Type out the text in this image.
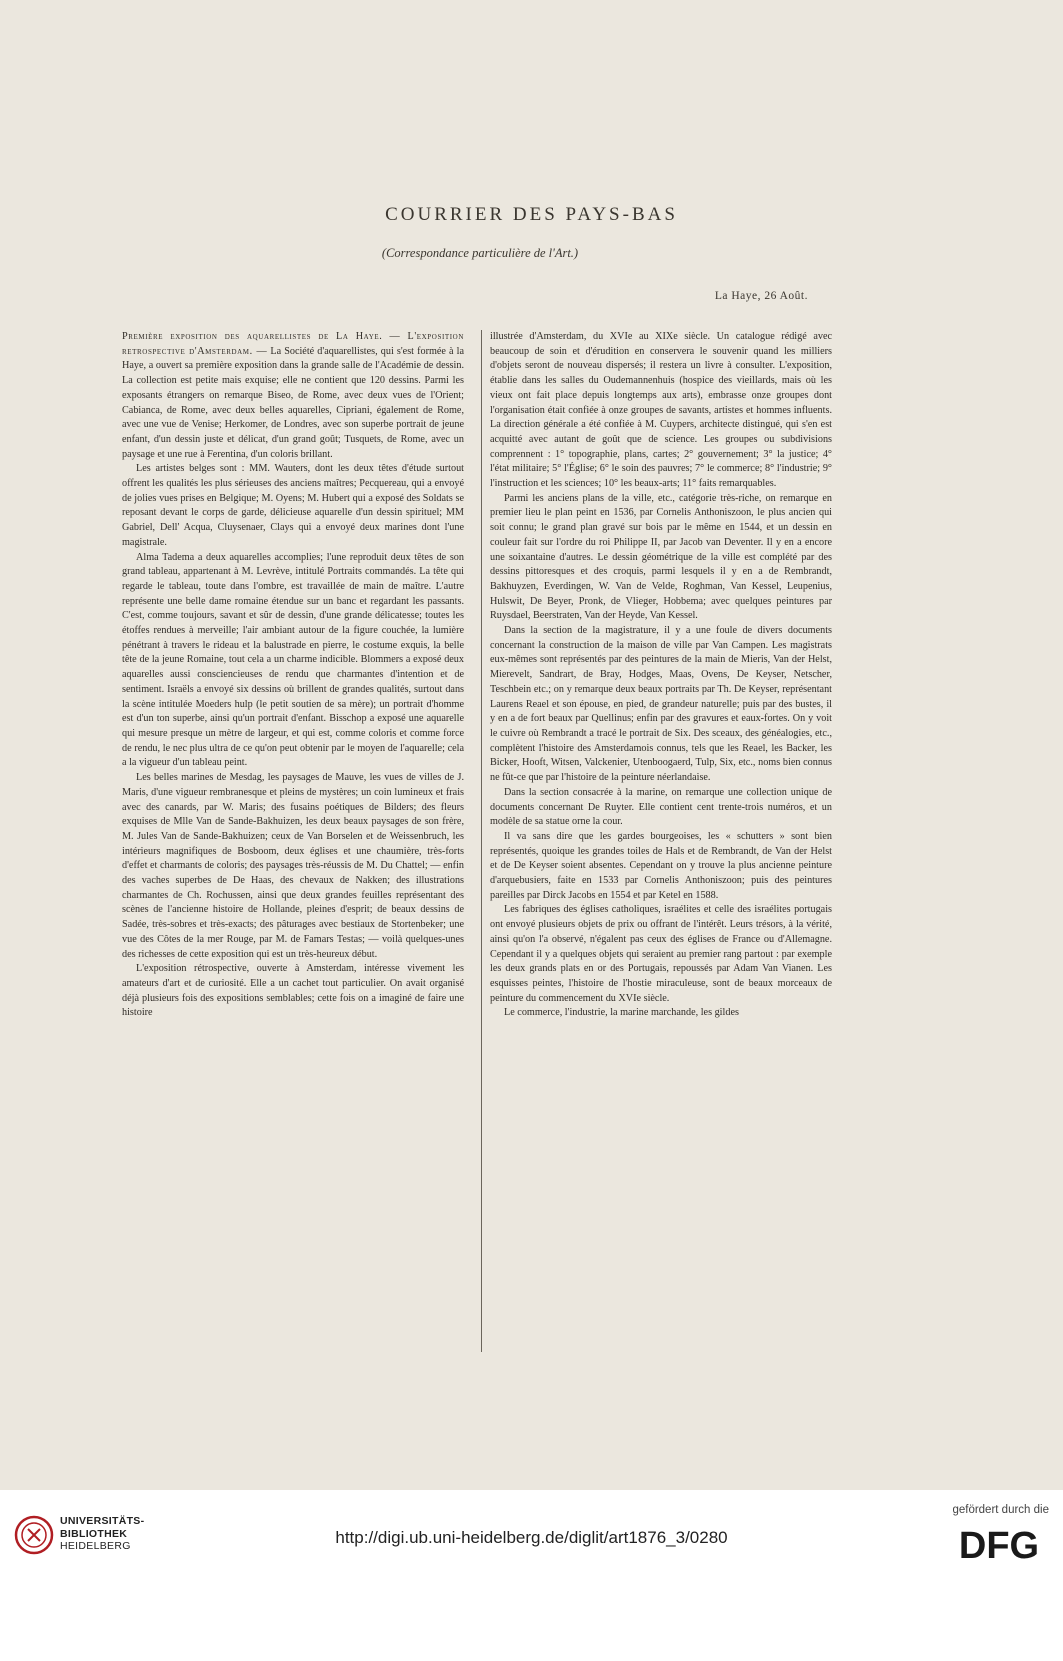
COURRIER DES PAYS-BAS
(Correspondance particulière de l'Art.)
La Haye, 26 Août.

Première exposition des aquarellistes de La Haye. — L'exposition retrospective d'Amsterdam. — La Société d'aquarellistes, qui s'est formée à la Haye, a ouvert sa première exposition dans la grande salle de l'Académie de dessin. La collection est petite mais exquise; elle ne contient que 120 dessins. Parmi les exposants étrangers on remarque Biseo, de Rome, avec deux vues de l'Orient; Cabianca, de Rome, avec deux belles aquarelles, Cipriani, également de Rome, avec une vue de Venise; Herkomer, de Londres, avec son superbe portrait de jeune enfant, d'un dessin juste et délicat, d'un grand goût; Tusquets, de Rome, avec un paysage et une rue à Ferentina, d'un coloris brillant.

Les artistes belges sont : MM. Wauters, dont les deux têtes d'étude surtout offrent les qualités les plus sérieuses des anciens maîtres; Pecquereau, qui a envoyé de jolies vues prises en Belgique; M. Oyens; M. Hubert qui a exposé des Soldats se reposant devant le corps de garde, délicieuse aquarelle d'un dessin spirituel; MM Gabriel, Dell' Acqua, Cluysenaer, Clays qui a envoyé deux marines dont l'une magistrale.

Alma Tadema a deux aquarelles accomplies; l'une reproduit deux têtes de son grand tableau, appartenant à M. Levrève, intitulé Portraits commandés. La tête qui regarde le tableau, toute dans l'ombre, est travaillée de main de maître. L'autre représente une belle dame romaine étendue sur un banc et regardant les passants. C'est, comme toujours, savant et sûr de dessin, d'une grande délicatesse; toutes les étoffes rendues à merveille; l'air ambiant autour de la figure couchée, la lumière pénétrant à travers le rideau et la balustrade en pierre, le costume exquis, la belle tête de la jeune Romaine, tout cela a un charme indicible. Blommers a exposé deux aquarelles aussi consciencieuses de rendu que charmantes d'intention et de sentiment. Israëls a envoyé six dessins où brillent de grandes qualités, surtout dans la scène intitulée Moeders hulp (le petit soutien de sa mère); un portrait d'homme est d'un ton superbe, ainsi qu'un portrait d'enfant. Bisschop a exposé une aquarelle qui mesure presque un mètre de largeur, et qui est, comme coloris et comme force de rendu, le nec plus ultra de ce qu'on peut obtenir par le moyen de l'aquarelle; cela a la vigueur d'un tableau peint.

Les belles marines de Mesdag, les paysages de Mauve, les vues de villes de J. Maris, d'une vigueur rembranesque et pleins de mystères; un coin lumineux et frais avec des canards, par W. Maris; des fusains poétiques de Bilders; des fleurs exquises de Mlle Van de Sande-Bakhuizen, les deux beaux paysages de son frère, M. Jules Van de Sande-Bakhuizen; ceux de Van Borselen et de Weissenbruch, les intérieurs magnifiques de Bosboom, deux églises et une chaumière, très-forts d'effet et charmants de coloris; des paysages très-réussis de M. Du Chattel; — enfin des vaches superbes de De Haas, des chevaux de Nakken; des illustrations charmantes de Ch. Rochussen, ainsi que deux grandes feuilles représentant des scènes de l'ancienne histoire de Hollande, pleines d'esprit; de beaux dessins de Sadée, très-sobres et très-exacts; des pâturages avec bestiaux de Stortenbeker; une vue des Côtes de la mer Rouge, par M. de Famars Testas; — voilà quelques-unes des richesses de cette exposition qui est un très-heureux début.

L'exposition rétrospective, ouverte à Amsterdam, intéresse vivement les amateurs d'art et de curiosité. Elle a un cachet tout particulier. On avait organisé déjà plusieurs fois des expositions semblables; cette fois on a imaginé de faire une histoire

illustrée d'Amsterdam, du XVIe au XIXe siècle. Un catalogue rédigé avec beaucoup de soin et d'érudition en conservera le souvenir quand les milliers d'objets seront de nouveau dispersés; il restera un livre à consulter. L'exposition, établie dans les salles du Oudemannenhuis (hospice des vieillards, mais où les vieux ont fait place depuis longtemps aux arts), embrasse onze groupes dont l'organisation était confiée à onze groupes de savants, artistes et hommes influents. La direction générale a été confiée à M. Cuypers, architecte distingué, qui s'en est acquitté avec autant de goût que de science. Les groupes ou subdivisions comprennent : 1° topographie, plans, cartes; 2° gouvernement; 3° la justice; 4° l'état militaire; 5° l'Église; 6° le soin des pauvres; 7° le commerce; 8° l'industrie; 9° l'instruction et les sciences; 10° les beaux-arts; 11° faits remarquables.

Parmi les anciens plans de la ville, etc., catégorie très-riche, on remarque en premier lieu le plan peint en 1536, par Cornelis Anthoniszoon, le plus ancien qui soit connu; le grand plan gravé sur bois par le même en 1544, et un dessin en couleur fait sur l'ordre du roi Philippe II, par Jacob van Deventer. Il y en a encore une soixantaine d'autres. Le dessin géométrique de la ville est complété par des dessins pittoresques et des croquis, parmi lesquels il y en a de Rembrandt, Bakhuyzen, Everdingen, W. Van de Velde, Roghman, Van Kessel, Leupenius, Hulswit, De Beyer, Pronk, de Vlieger, Hobbema; avec quelques peintures par Ruysdael, Beerstraten, Van der Heyde, Van Kessel.

Dans la section de la magistrature, il y a une foule de divers documents concernant la construction de la maison de ville par Van Campen. Les magistrats eux-mêmes sont représentés par des peintures de la main de Mieris, Van der Helst, Mierevelt, Sandrart, de Bray, Hodges, Maas, Ovens, De Keyser, Netscher, Teschbein etc.; on y remarque deux beaux portraits par Th. De Keyser, représentant Laurens Reael et son épouse, en pied, de grandeur naturelle; puis par des bustes, il y en a de fort beaux par Quellinus; enfin par des gravures et eaux-fortes. On y voit le cuivre où Rembrandt a tracé le portrait de Six. Des sceaux, des généalogies, etc., complètent l'histoire des Amsterdamois connus, tels que les Reael, les Backer, les Bicker, Hooft, Witsen, Valckenier, Utenboogaerd, Tulp, Six, etc., noms bien connus ne fût-ce que par l'histoire de la peinture néerlandaise.

Dans la section consacrée à la marine, on remarque une collection unique de documents concernant De Ruyter. Elle contient cent trente-trois numéros, et un modèle de sa statue orne la cour.

Il va sans dire que les gardes bourgeoises, les « schutters » sont bien représentés, quoique les grandes toiles de Hals et de Rembrandt, de Van der Helst et de De Keyser soient absentes. Cependant on y trouve la plus ancienne peinture d'arquebusiers, faite en 1533 par Cornelis Anthoniszoon; puis des peintures pareilles par Dirck Jacobs en 1554 et par Ketel en 1588.

Les fabriques des églises catholiques, israélites et celle des israélites portugais ont envoyé plusieurs objets de prix ou offrant de l'intérêt. Leurs trésors, à la vérité, ainsi qu'on l'a observé, n'égalent pas ceux des églises de France ou d'Allemagne. Cependant il y a quelques objets qui seraient au premier rang partout : par exemple les deux grands plats en or des Portugais, repoussés par Adam Van Vianen. Les esquisses peintes, l'histoire de l'hostie miraculeuse, sont de beaux morceaux de peinture du commencement du XVIe siècle.

Le commerce, l'industrie, la marine marchande, les gildes

UNIVERSITÄTS-
BIBLIOTHEK
HEIDELBERG	http://digi.ub.uni-heidelberg.de/diglit/art1876_3/0280
gefördert durch die
DFG
